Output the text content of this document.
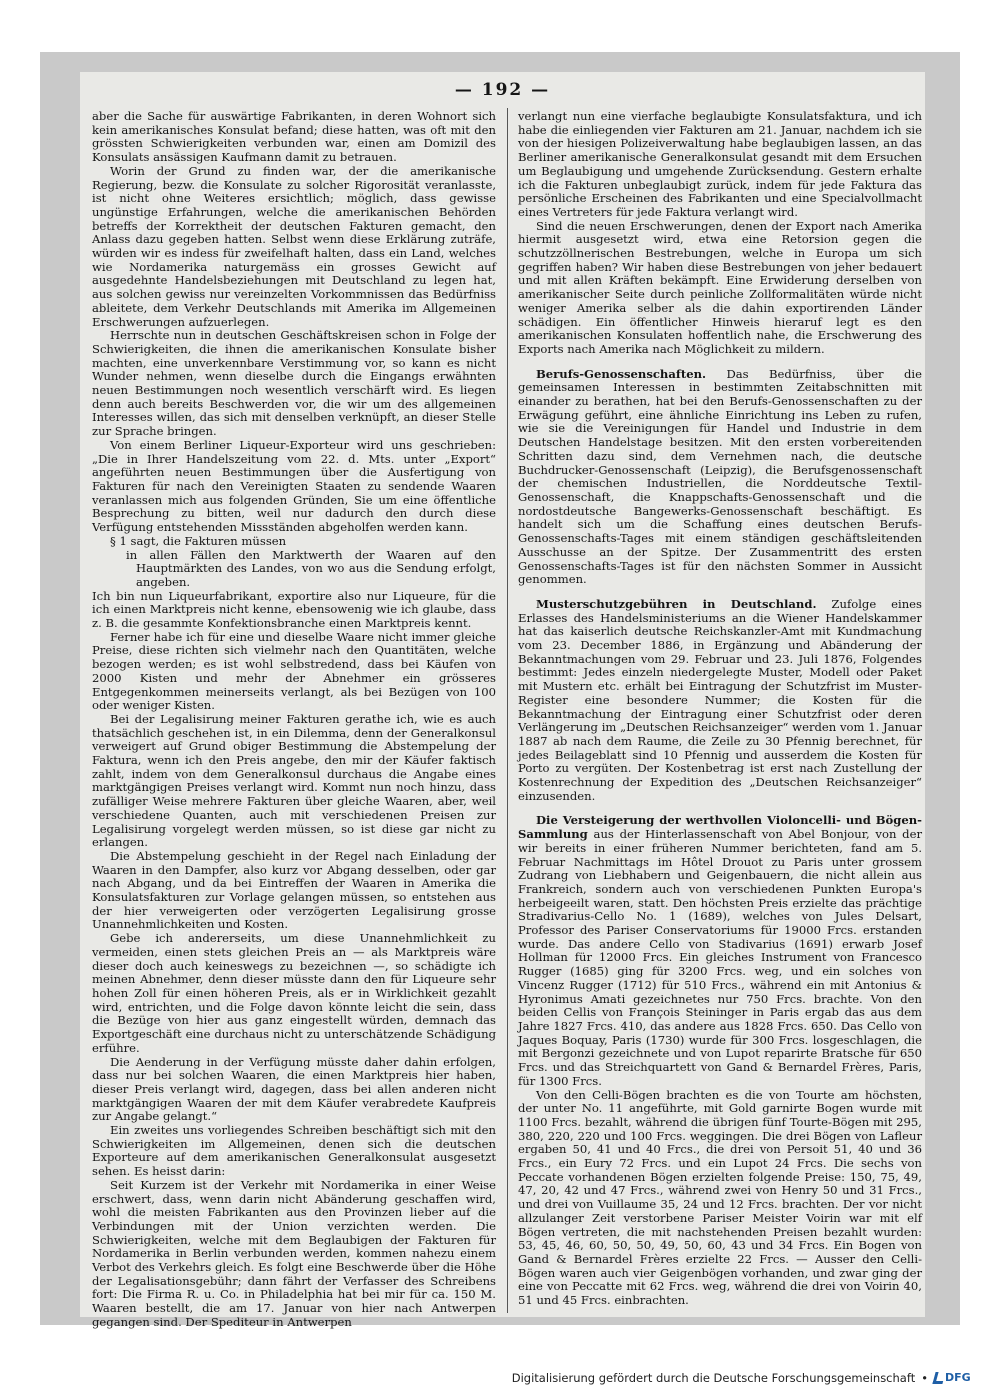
— 192 —

aber die Sache für auswärtige Fabrikanten, in deren Wohnort sich kein amerikanisches Konsulat befand; diese hatten, was oft mit den grössten Schwierigkeiten verbunden war, einen am Domizil des Konsulats ansässigen Kaufmann damit zu betrauen.

Worin der Grund zu finden war, der die amerikanische Regierung, bezw. die Konsulate zu solcher Rigorosität veranlasste, ist nicht ohne Weiteres ersichtlich; möglich, dass gewisse ungünstige Erfahrungen, welche die amerikanischen Behörden betreffs der Korrektheit der deutschen Fakturen gemacht, den Anlass dazu gegeben hatten. Selbst wenn diese Erklärung zuträfe, würden wir es indess für zweifelhaft halten, dass ein Land, welches wie Nordamerika naturgemäss ein grosses Gewicht auf ausgedehnte Handelsbeziehungen mit Deutschland zu legen hat, aus solchen gewiss nur vereinzelten Vorkommnissen das Bedürfniss ableitete, dem Verkehr Deutschlands mit Amerika im Allgemeinen Erschwerungen aufzuerlegen.

Herrschte nun in deutschen Geschäftskreisen schon in Folge der Schwierigkeiten, die ihnen die amerikanischen Konsulate bisher machten, eine unverkennbare Verstimmung vor, so kann es nicht Wunder nehmen, wenn dieselbe durch die Eingangs erwähnten neuen Bestimmungen noch wesentlich verschärft wird. Es liegen denn auch bereits Beschwerden vor, die wir um des allgemeinen Interesses willen, das sich mit denselben verknüpft, an dieser Stelle zur Sprache bringen.

Von einem Berliner Liqueur-Exporteur wird uns geschrieben: „Die in Ihrer Handelszeitung vom 22. d. Mts. unter „Export“ angeführten neuen Bestimmungen über die Ausfertigung von Fakturen für nach den Vereinigten Staaten zu sendende Waaren veranlassen mich aus folgenden Gründen, Sie um eine öffentliche Besprechung zu bitten, weil nur dadurch den durch diese Verfügung entstehenden Missständen abgeholfen werden kann.

§ 1 sagt, die Fakturen müssen

in allen Fällen den Marktwerth der Waaren auf den Hauptmärkten des Landes, von wo aus die Sendung erfolgt, angeben.

Ich bin nun Liqueurfabrikant, exportire also nur Liqueure, für die ich einen Marktpreis nicht kenne, ebensowenig wie ich glaube, dass z. B. die gesammte Konfektionsbranche einen Marktpreis kennt.

Ferner habe ich für eine und dieselbe Waare nicht immer gleiche Preise, diese richten sich vielmehr nach den Quantitäten, welche bezogen werden; es ist wohl selbstredend, dass bei Käufen von 2000 Kisten und mehr der Abnehmer ein grösseres Entgegenkommen meinerseits verlangt, als bei Bezügen von 100 oder weniger Kisten.

Bei der Legalisirung meiner Fakturen gerathe ich, wie es auch thatsächlich geschehen ist, in ein Dilemma, denn der Generalkonsul verweigert auf Grund obiger Bestimmung die Abstempelung der Faktura, wenn ich den Preis angebe, den mir der Käufer faktisch zahlt, indem von dem Generalkonsul durchaus die Angabe eines marktgängigen Preises verlangt wird. Kommt nun noch hinzu, dass zufälliger Weise mehrere Fakturen über gleiche Waaren, aber, weil verschiedene Quanten, auch mit verschiedenen Preisen zur Legalisirung vorgelegt werden müssen, so ist diese gar nicht zu erlangen.

Die Abstempelung geschieht in der Regel nach Einladung der Waaren in den Dampfer, also kurz vor Abgang desselben, oder gar nach Abgang, und da bei Eintreffen der Waaren in Amerika die Konsulatsfakturen zur Vorlage gelangen müssen, so entstehen aus der hier verweigerten oder verzögerten Legalisirung grosse Unannehmlichkeiten und Kosten.

Gebe ich andererseits, um diese Unannehmlichkeit zu vermeiden, einen stets gleichen Preis an — als Marktpreis wäre dieser doch auch keineswegs zu bezeichnen —, so schädigte ich meinen Abnehmer, denn dieser müsste dann den für Liqueure sehr hohen Zoll für einen höheren Preis, als er in Wirklichkeit gezahlt wird, entrichten, und die Folge davon könnte leicht die sein, dass die Bezüge von hier aus ganz eingestellt würden, demnach das Exportgeschäft eine durchaus nicht zu unterschätzende Schädigung erführe.

Die Aenderung in der Verfügung müsste daher dahin erfolgen, dass nur bei solchen Waaren, die einen Marktpreis hier haben, dieser Preis verlangt wird, dagegen, dass bei allen anderen nicht marktgängigen Waaren der mit dem Käufer verabredete Kaufpreis zur Angabe gelangt.“

Ein zweites uns vorliegendes Schreiben beschäftigt sich mit den Schwierigkeiten im Allgemeinen, denen sich die deutschen Exporteure auf dem amerikanischen Generalkonsulat ausgesetzt sehen. Es heisst darin:

Seit Kurzem ist der Verkehr mit Nordamerika in einer Weise erschwert, dass, wenn darin nicht Abänderung geschaffen wird, wohl die meisten Fabrikanten aus den Provinzen lieber auf die Verbindungen mit der Union verzichten werden. Die Schwierigkeiten, welche mit dem Beglaubigen der Fakturen für Nordamerika in Berlin verbunden werden, kommen nahezu einem Verbot des Verkehrs gleich. Es folgt eine Beschwerde über die Höhe der Legalisationsgebühr; dann fährt der Verfasser des Schreibens fort: Die Firma R. u. Co. in Philadelphia hat bei mir für ca. 150 M. Waaren bestellt, die am 17. Januar von hier nach Antwerpen gegangen sind. Der Spediteur in Antwerpen

verlangt nun eine vierfache beglaubigte Konsulatsfaktura, und ich habe die einliegenden vier Fakturen am 21. Januar, nachdem ich sie von der hiesigen Polizeiverwaltung habe beglaubigen lassen, an das Berliner amerikanische Generalkonsulat gesandt mit dem Ersuchen um Beglaubigung und umgehende Zurücksendung. Gestern erhalte ich die Fakturen unbeglaubigt zurück, indem für jede Faktura das persönliche Erscheinen des Fabrikanten und eine Specialvollmacht eines Vertreters für jede Faktura verlangt wird.

Sind die neuen Erschwerungen, denen der Export nach Amerika hiermit ausgesetzt wird, etwa eine Retorsion gegen die schutzzöllnerischen Bestrebungen, welche in Europa um sich gegriffen haben? Wir haben diese Bestrebungen von jeher bedauert und mit allen Kräften bekämpft. Eine Erwiderung derselben von amerikanischer Seite durch peinliche Zollformalitäten würde nicht weniger Amerika selber als die dahin exportirenden Länder schädigen. Ein öffentlicher Hinweis hieraruf legt es den amerikanischen Konsulaten hoffentlich nahe, die Erschwerung des Exports nach Amerika nach Möglichkeit zu mildern.

Berufs-Genossenschaften. Das Bedürfniss, über die gemeinsamen Interessen in bestimmten Zeitabschnitten mit einander zu berathen, hat bei den Berufs-Genossenschaften zu der Erwägung geführt, eine ähnliche Einrichtung ins Leben zu rufen, wie sie die Vereinigungen für Handel und Industrie in dem Deutschen Handelstage besitzen. Mit den ersten vorbereitenden Schritten dazu sind, dem Vernehmen nach, die deutsche Buchdrucker-Genossenschaft (Leipzig), die Berufsgenossenschaft der chemischen Industriellen, die Norddeutsche Textil-Genossenschaft, die Knappschafts-Genossenschaft und die nordostdeutsche Bangewerks-Genossenschaft beschäftigt. Es handelt sich um die Schaffung eines deutschen Berufs-Genossenschafts-Tages mit einem ständigen geschäftsleitenden Ausschusse an der Spitze. Der Zusammentritt des ersten Genossenschafts-Tages ist für den nächsten Sommer in Aussicht genommen.

Musterschutzgebühren in Deutschland. Zufolge eines Erlasses des Handelsministeriums an die Wiener Handelskammer hat das kaiserlich deutsche Reichskanzler-Amt mit Kundmachung vom 23. December 1886, in Ergänzung und Abänderung der Bekanntmachungen vom 29. Februar und 23. Juli 1876, Folgendes bestimmt: Jedes einzeln niedergelegte Muster, Modell oder Paket mit Mustern etc. erhält bei Eintragung der Schutzfrist im Muster-Register eine besondere Nummer; die Kosten für die Bekanntmachung der Eintragung einer Schutzfrist oder deren Verlängerung im „Deutschen Reichsanzeiger“ werden vom 1. Januar 1887 ab nach dem Raume, die Zeile zu 30 Pfennig berechnet, für jedes Beilageblatt sind 10 Pfennig und ausserdem die Kosten für Porto zu vergüten. Der Kostenbetrag ist erst nach Zustellung der Kostenrechnung der Expedition des „Deutschen Reichsanzeiger“ einzusenden.

Die Versteigerung der werthvollen Violoncelli- und Bögen-Sammlung aus der Hinterlassenschaft von Abel Bonjour, von der wir bereits in einer früheren Nummer berichteten, fand am 5. Februar Nachmittags im Hôtel Drouot zu Paris unter grossem Zudrang von Liebhabern und Geigenbauern, die nicht allein aus Frankreich, sondern auch von verschiedenen Punkten Europa's herbeigeeilt waren, statt. Den höchsten Preis erzielte das prächtige Stradivarius-Cello No. 1 (1689), welches von Jules Delsart, Professor des Pariser Conservatoriums für 19000 Frcs. erstanden wurde. Das andere Cello von Stadivarius (1691) erwarb Josef Hollman für 12000 Frcs. Ein gleiches Instrument von Francesco Rugger (1685) ging für 3200 Frcs. weg, und ein solches von Vincenz Rugger (1712) für 510 Frcs., während ein mit Antonius & Hyronimus Amati gezeichnetes nur 750 Frcs. brachte. Von den beiden Cellis von François Steininger in Paris ergab das aus dem Jahre 1827 Frcs. 410, das andere aus 1828 Frcs. 650. Das Cello von Jaques Boquay, Paris (1730) wurde für 300 Frcs. losgeschlagen, die mit Bergonzi gezeichnete und von Lupot reparirte Bratsche für 650 Frcs. und das Streichquartett von Gand & Bernardel Frères, Paris, für 1300 Frcs.

Von den Celli-Bögen brachten es die von Tourte am höchsten, der unter No. 11 angeführte, mit Gold garnirte Bogen wurde mit 1100 Frcs. bezahlt, während die übrigen fünf Tourte-Bögen mit 295, 380, 220, 220 und 100 Frcs. weggingen. Die drei Bögen von Lafleur ergaben 50, 41 und 40 Frcs., die drei von Persoit 51, 40 und 36 Frcs., ein Eury 72 Frcs. und ein Lupot 24 Frcs. Die sechs von Peccate vorhandenen Bögen erzielten folgende Preise: 150, 75, 49, 47, 20, 42 und 47 Frcs., während zwei von Henry 50 und 31 Frcs., und drei von Vuillaume 35, 24 und 12 Frcs. brachten. Der vor nicht allzulanger Zeit verstorbene Pariser Meister Voirin war mit elf Bögen vertreten, die mit nachstehenden Preisen bezahlt wurden: 53, 45, 46, 60, 50, 50, 49, 50, 60, 43 und 34 Frcs. Ein Bogen von Gand & Bernardel Frères erzielte 22 Frcs. — Ausser den Celli-Bögen waren auch vier Geigenbögen vorhanden, und zwar ging der eine von Peccatte mit 62 Frcs. weg, während die drei von Voirin 40, 51 und 45 Frcs. einbrachten.

Digitalisierung gefördert durch die Deutsche Forschungsgemeinschaft • DFG
